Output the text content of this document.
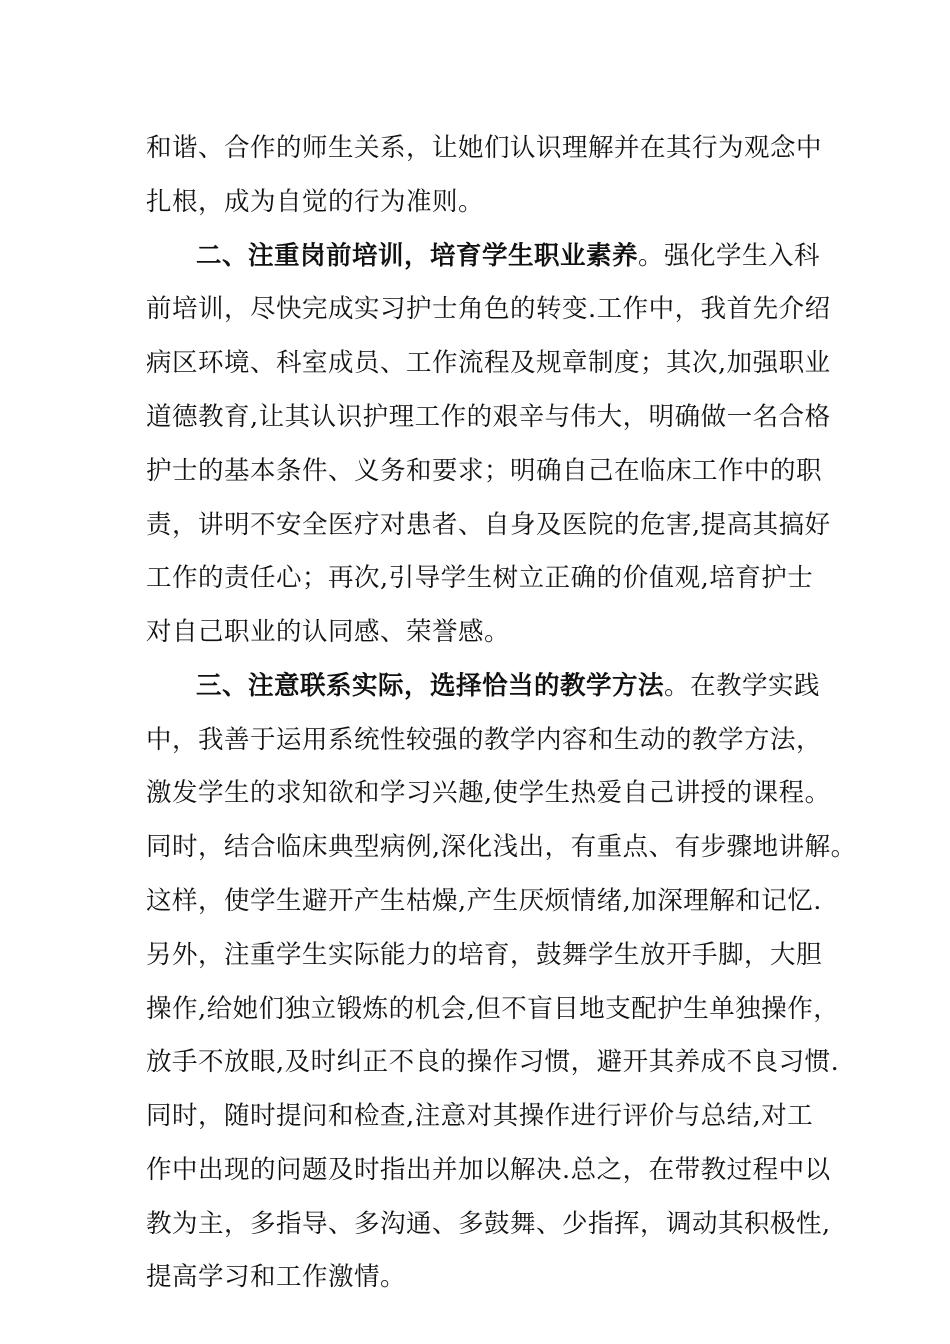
和谐、合作的师生关系，让她们认识理解并在其行为观念中
扎根，成为自觉的行为准则。
二、注重岗前培训，培育学生职业素养。强化学生入科
前培训，尽快完成实习护士角色的转变.工作中，我首先介绍
病区环境、科室成员、工作流程及规章制度；其次,加强职业
道德教育,让其认识护理工作的艰辛与伟大，明确做一名合格
护士的基本条件、义务和要求；明确自己在临床工作中的职
责，讲明不安全医疗对患者、自身及医院的危害,提高其搞好
工作的责任心；再次,引导学生树立正确的价值观,培育护士
对自己职业的认同感、荣誉感。
三、注意联系实际，选择恰当的教学方法。在教学实践
中，我善于运用系统性较强的教学内容和生动的教学方法，
激发学生的求知欲和学习兴趣,使学生热爱自己讲授的课程。
同时，结合临床典型病例,深化浅出，有重点、有步骤地讲解。
这样，使学生避开产生枯燥,产生厌烦情绪,加深理解和记忆.
另外，注重学生实际能力的培育，鼓舞学生放开手脚，大胆
操作,给她们独立锻炼的机会,但不盲目地支配护生单独操作，
放手不放眼,及时纠正不良的操作习惯，避开其养成不良习惯.
同时，随时提问和检查,注意对其操作进行评价与总结,对工
作中出现的问题及时指出并加以解决.总之，在带教过程中以
教为主，多指导、多沟通、多鼓舞、少指挥，调动其积极性,
提高学习和工作激情。
